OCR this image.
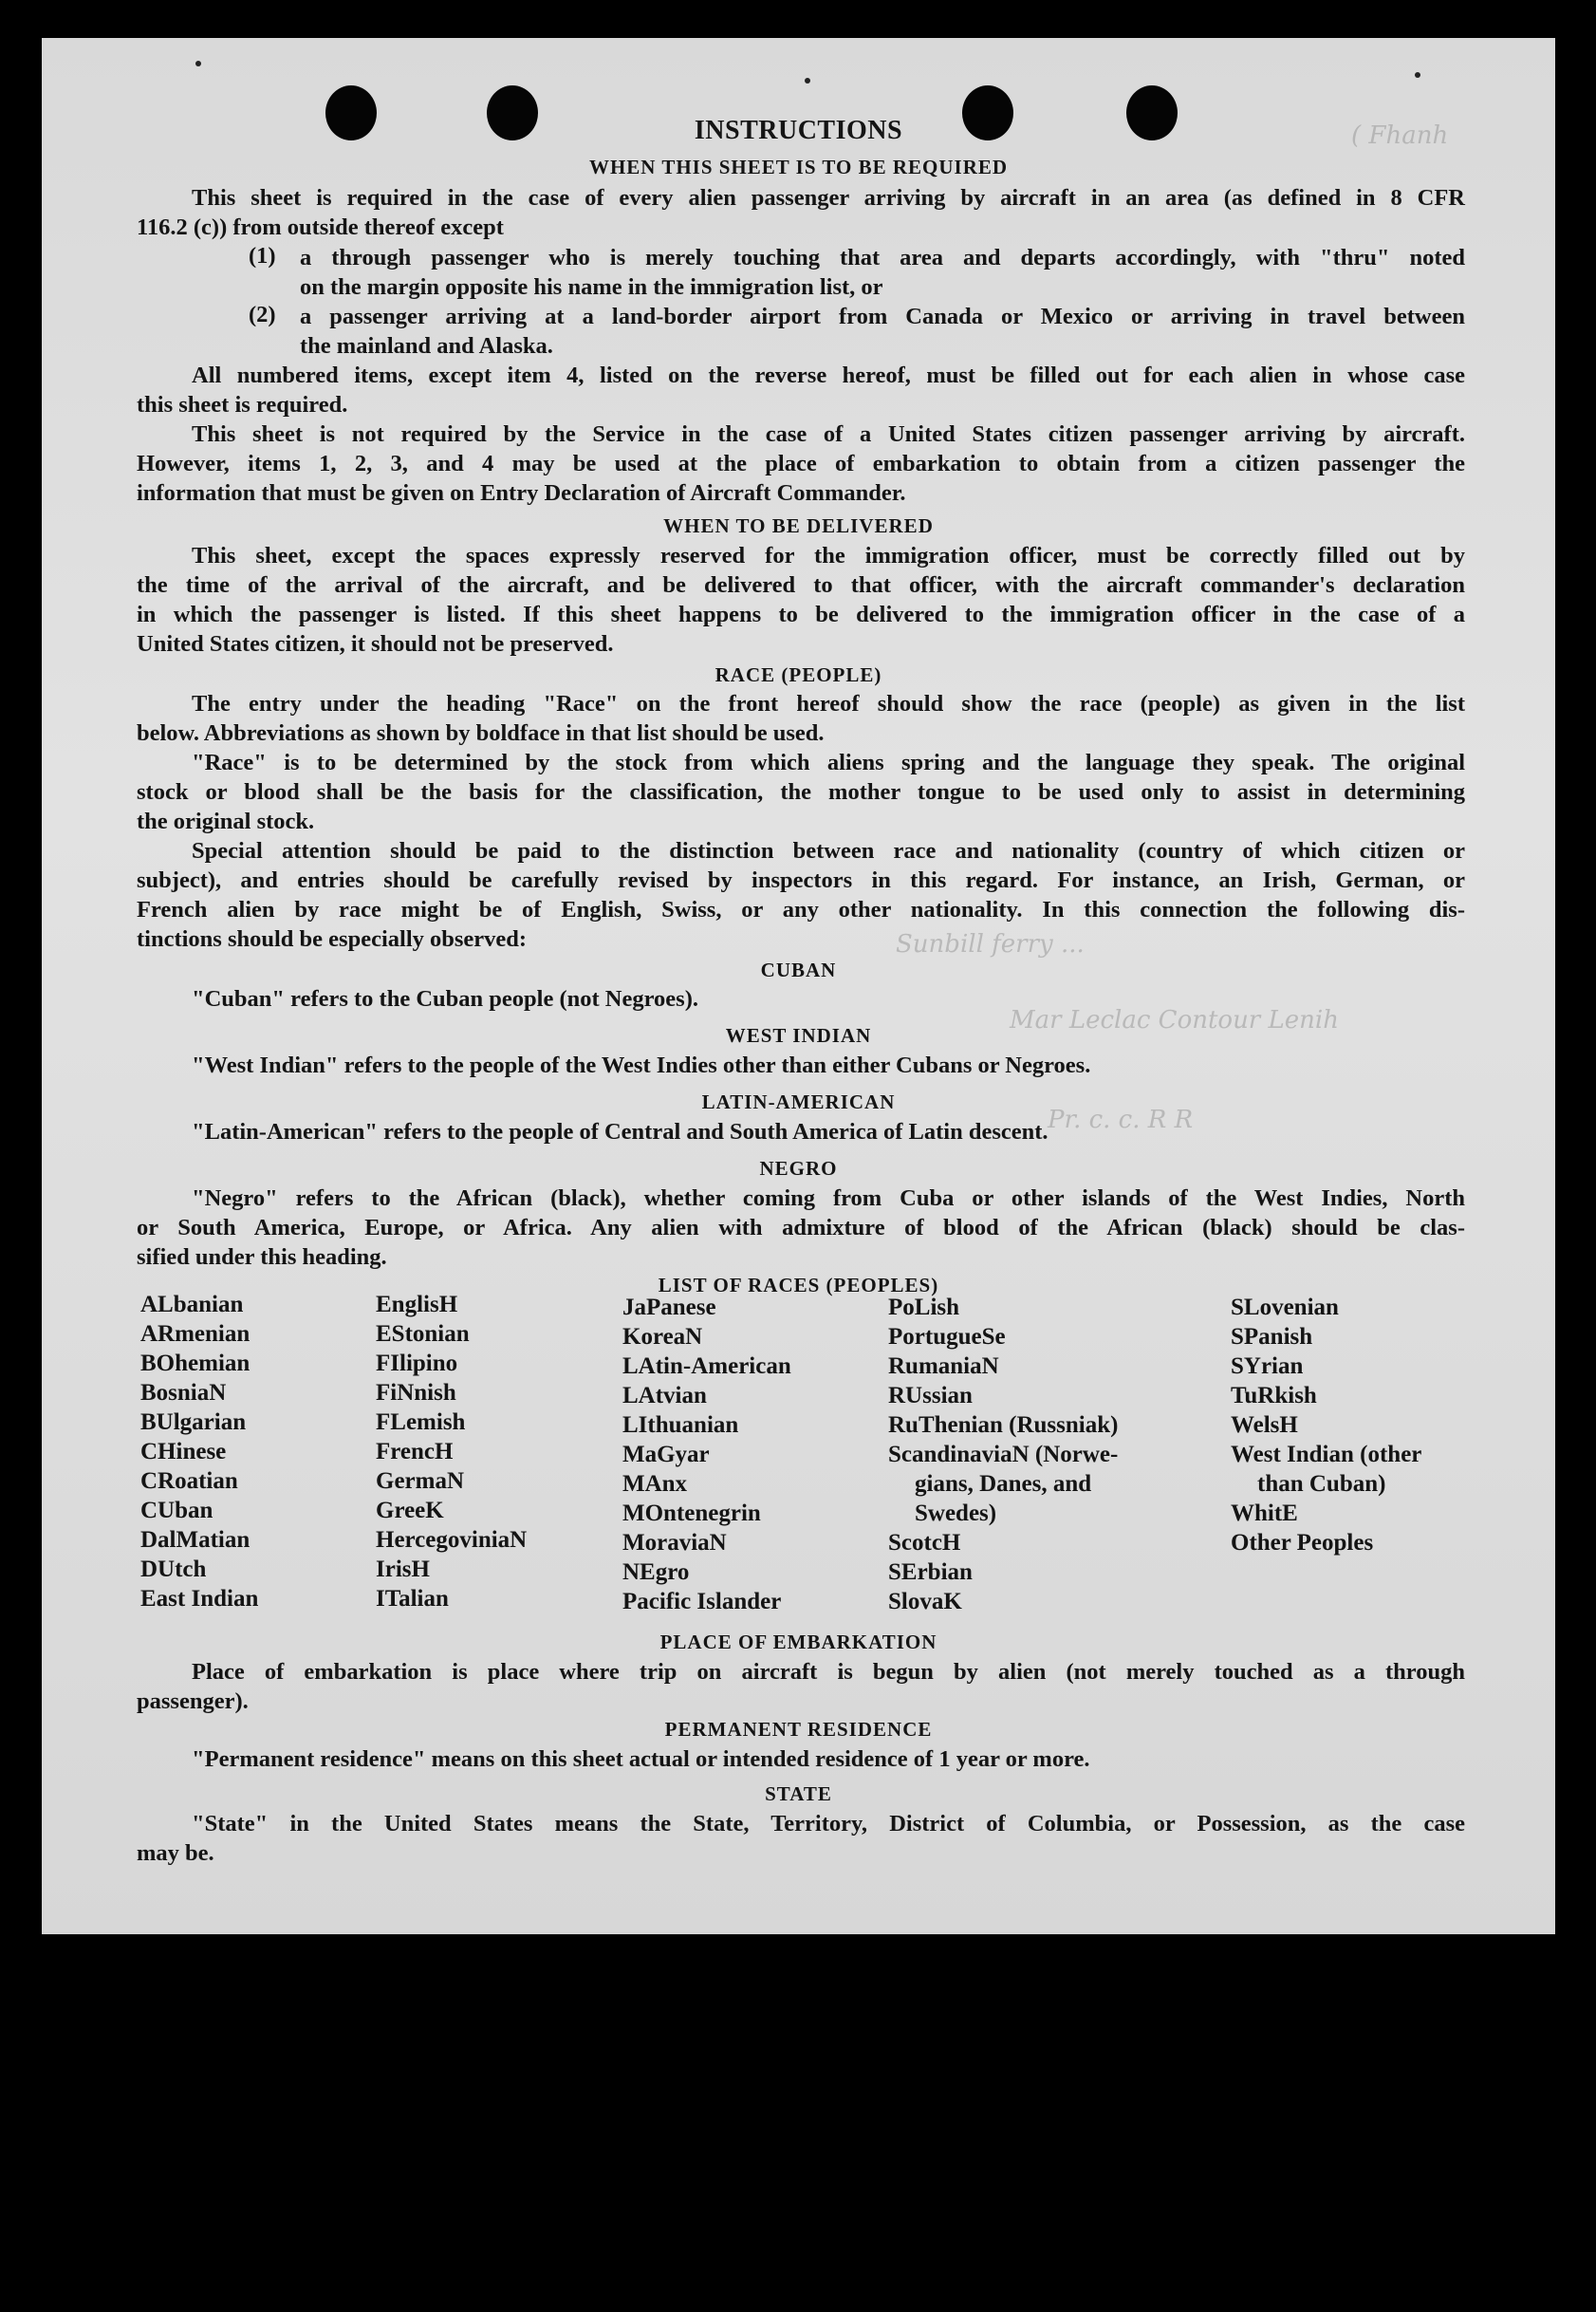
( Fhanh
Sunbill ferry ...
Mar Leclac Contour Lenih
Pr. c. c. R R
INSTRUCTIONS
WHEN THIS SHEET IS TO BE REQUIRED
This sheet is required in the case of every alien passenger arriving by aircraft in an area (as defined in 8 CFR
116.2 (c)) from outside thereof except
(1)	a through passenger who is merely touching that area and departs accordingly, with "thru" noted
on the margin opposite his name in the immigration list, or
(2)	a passenger arriving at a land-border airport from Canada or Mexico or arriving in travel between
the mainland and Alaska.
All numbered items, except item 4, listed on the reverse hereof, must be filled out for each alien in whose case
this sheet is required.
This sheet is not required by the Service in the case of a United States citizen passenger arriving by aircraft.
However, items 1, 2, 3, and 4 may be used at the place of embarkation to obtain from a citizen passenger the
information that must be given on Entry Declaration of Aircraft Commander.
WHEN TO BE DELIVERED
This sheet, except the spaces expressly reserved for the immigration officer, must be correctly filled out by
the time of the arrival of the aircraft, and be delivered to that officer, with the aircraft commander's declaration
in which the passenger is listed. If this sheet happens to be delivered to the immigration officer in the case of a
United States citizen, it should not be preserved.
RACE (PEOPLE)
The entry under the heading "Race" on the front hereof should show the race (people) as given in the list
below. Abbreviations as shown by boldface in that list should be used.
"Race" is to be determined by the stock from which aliens spring and the language they speak. The original
stock or blood shall be the basis for the classification, the mother tongue to be used only to assist in determining
the original stock.
Special attention should be paid to the distinction between race and nationality (country of which citizen or
subject), and entries should be carefully revised by inspectors in this regard. For instance, an Irish, German, or
French alien by race might be of English, Swiss, or any other nationality. In this connection the following dis-
tinctions should be especially observed:
CUBAN
"Cuban" refers to the Cuban people (not Negroes).
WEST INDIAN
"West Indian" refers to the people of the West Indies other than either Cubans or Negroes.
LATIN-AMERICAN
"Latin-American" refers to the people of Central and South America of Latin descent.
NEGRO
"Negro" refers to the African (black), whether coming from Cuba or other islands of the West Indies, North
or South America, Europe, or Africa. Any alien with admixture of blood of the African (black) should be clas-
sified under this heading.
LIST OF RACES (PEOPLES)
ALbanian
ARmenian
BOhemian
BosniaN
BUlgarian
CHinese
CRoatian
CUban
DalMatian
DUtch
East Indian
EnglisH
EStonian
FIlipino
FiNnish
FLemish
FrencH
GermaN
GreeK
HercegoviniaN
IrisH
ITalian
JaPanese
KoreaN
LAtin-American
LAtvian
LIthuanian
MaGyar
MAnx
MOntenegrin
MoraviaN
NEgro
Pacific Islander
PoLish
PortugueSe
RumaniaN
RUssian
RuThenian (Russniak)
ScandinaviaN (Norwe-
gians, Danes, and
Swedes)
ScotcH
SErbian
SlovaK
SLovenian
SPanish
SYrian
TuRkish
WelsH
West Indian (other
than Cuban)
WhitE
Other Peoples
PLACE OF EMBARKATION
Place of embarkation is place where trip on aircraft is begun by alien (not merely touched as a through
passenger).
PERMANENT RESIDENCE
"Permanent residence" means on this sheet actual or intended residence of 1 year or more.
STATE
"State" in the United States means the State, Territory, District of Columbia, or Possession, as the case
may be.
